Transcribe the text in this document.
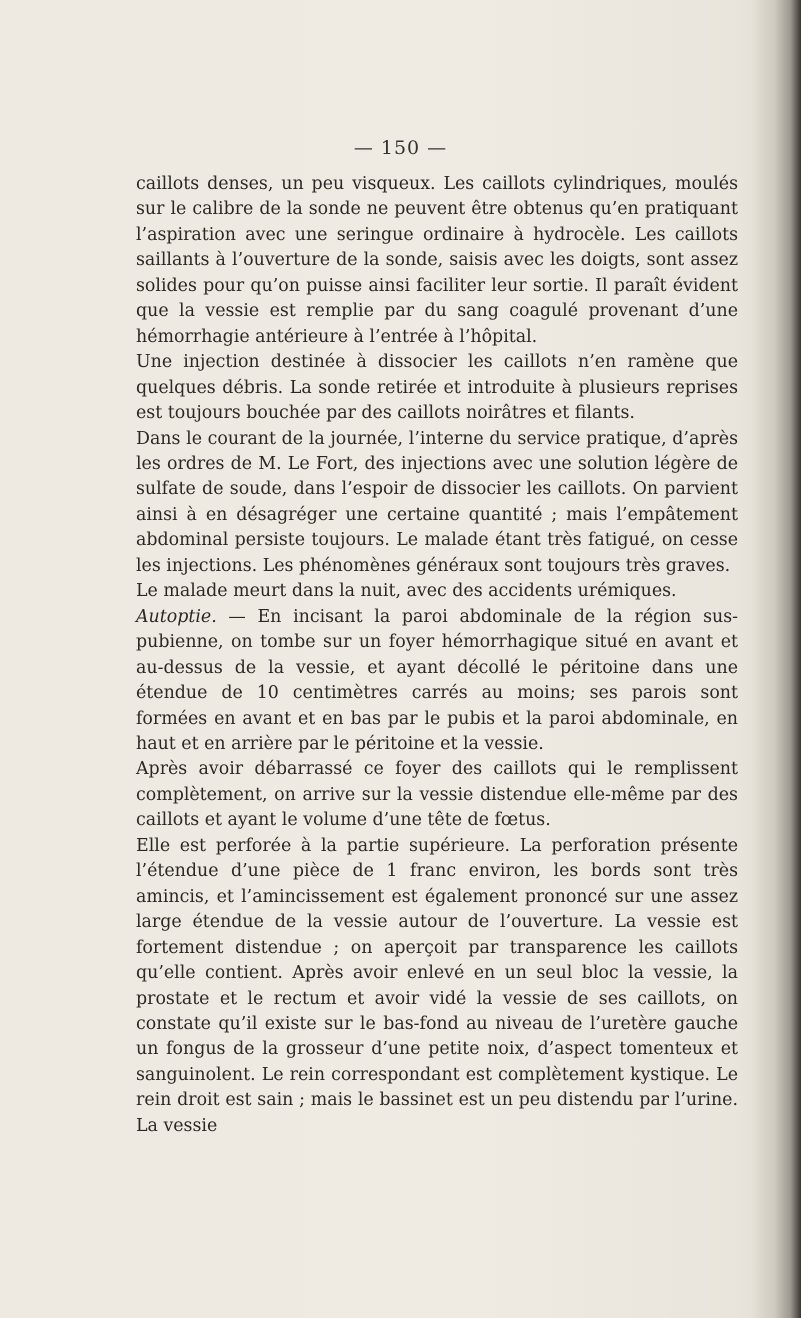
— 150 —

caillots denses, un peu visqueux. Les caillots cylindriques, moulés sur le calibre de la sonde ne peuvent être obtenus qu’en pratiquant l’aspiration avec une seringue ordinaire à hydrocèle. Les caillots saillants à l’ouverture de la sonde, saisis avec les doigts, sont assez solides pour qu’on puisse ainsi faciliter leur sortie. Il paraît évident que la vessie est remplie par du sang coagulé provenant d’une hémorrhagie antérieure à l’entrée à l’hôpital.

Une injection destinée à dissocier les caillots n’en ramène que quelques débris. La sonde retirée et introduite à plusieurs reprises est toujours bouchée par des caillots noirâtres et filants.

Dans le courant de la journée, l’interne du service pratique, d’après les ordres de M. Le Fort, des injections avec une solution légère de sulfate de soude, dans l’espoir de dissocier les caillots. On parvient ainsi à en désagréger une certaine quantité ; mais l’empâtement abdominal persiste toujours. Le malade étant très fatigué, on cesse les injections. Les phénomènes généraux sont toujours très graves.

Le malade meurt dans la nuit, avec des accidents urémiques.

Autoptie. — En incisant la paroi abdominale de la région sus-pubienne, on tombe sur un foyer hémorrhagique situé en avant et au-dessus de la vessie, et ayant décollé le péritoine dans une étendue de 10 centimètres carrés au moins; ses parois sont formées en avant et en bas par le pubis et la paroi abdominale, en haut et en arrière par le péritoine et la vessie.

Après avoir débarrassé ce foyer des caillots qui le remplissent complètement, on arrive sur la vessie distendue elle-même par des caillots et ayant le volume d’une tête de fœtus.

Elle est perforée à la partie supérieure. La perforation présente l’étendue d’une pièce de 1 franc environ, les bords sont très amincis, et l’amincissement est également prononcé sur une assez large étendue de la vessie autour de l’ouverture. La vessie est fortement distendue ; on aperçoit par transparence les caillots qu’elle contient. Après avoir enlevé en un seul bloc la vessie, la prostate et le rectum et avoir vidé la vessie de ses caillots, on constate qu’il existe sur le bas-fond au niveau de l’uretère gauche un fongus de la grosseur d’une petite noix, d’aspect tomenteux et sanguinolent. Le rein correspondant est complètement kystique. Le rein droit est sain ; mais le bassinet est un peu distendu par l’urine. La vessie
